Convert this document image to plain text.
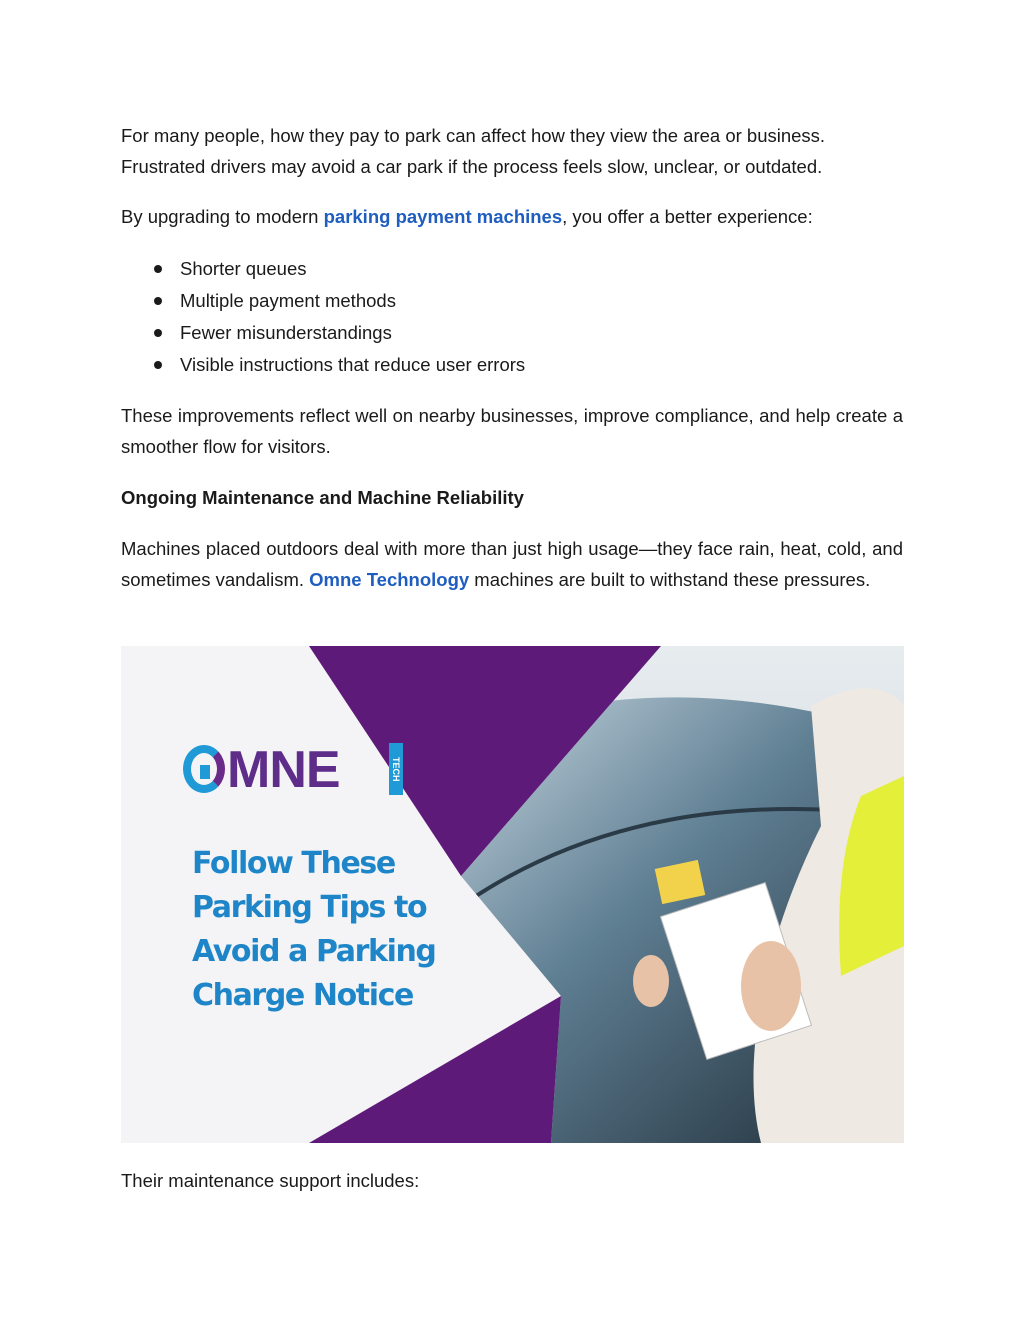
For many people, how they pay to park can affect how they view the area or business.
Frustrated drivers may avoid a car park if the process feels slow, unclear, or outdated.

By upgrading to modern parking payment machines, you offer a better experience:

Shorter queues
Multiple payment methods
Fewer misunderstandings
Visible instructions that reduce user errors

These improvements reflect well on nearby businesses, improve compliance, and help create a smoother flow for visitors.

Ongoing Maintenance and Machine Reliability

Machines placed outdoors deal with more than just high usage—they face rain, heat, cold, and sometimes vandalism. Omne Technology machines are built to withstand these pressures.

MNE	TECH
Follow These
Parking Tips to
Avoid a Parking
Charge Notice

Their maintenance support includes:
